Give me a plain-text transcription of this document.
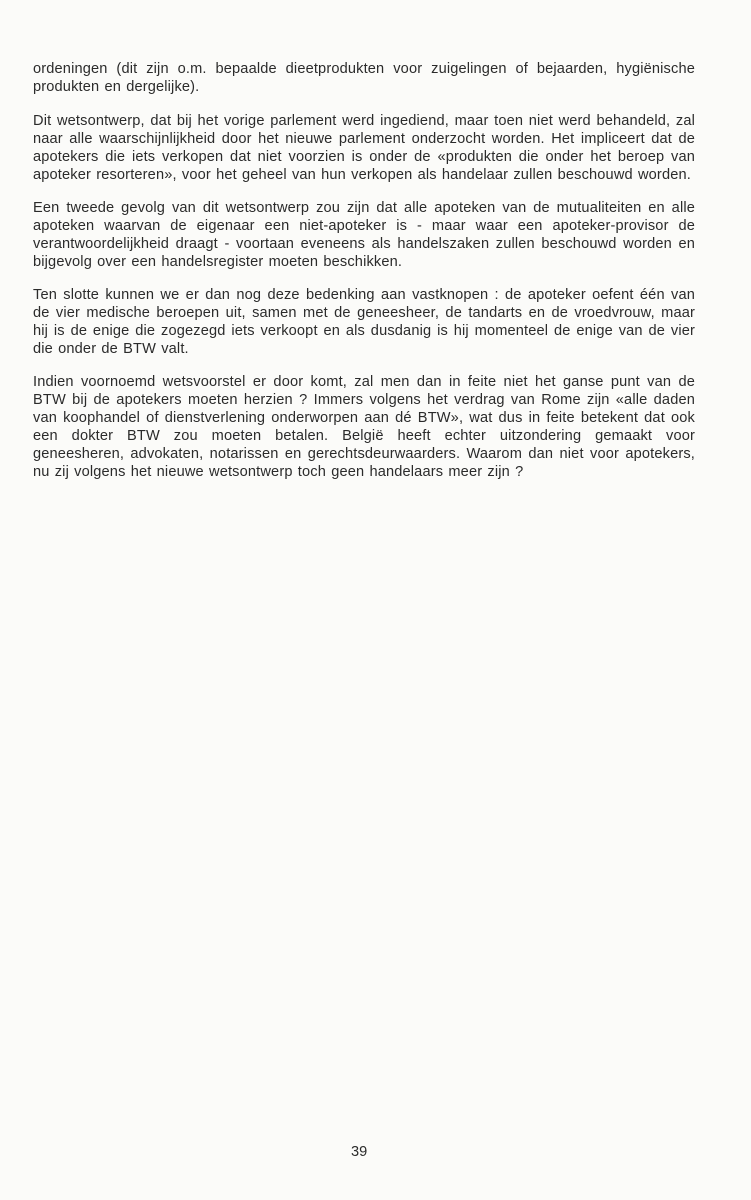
ordeningen (dit zijn o.m. bepaalde dieetprodukten voor zuigelingen of bejaarden, hygiënische produkten en dergelijke).

Dit wetsontwerp, dat bij het vorige parlement werd ingediend, maar toen niet werd behandeld, zal naar alle waarschijnlijkheid door het nieuwe parlement onderzocht worden. Het impliceert dat de apotekers die iets verkopen dat niet voorzien is onder de «produkten die onder het beroep van apoteker resorteren», voor het geheel van hun verkopen als handelaar zullen beschouwd worden.

Een tweede gevolg van dit wetsontwerp zou zijn dat alle apoteken van de mutualiteiten en alle apoteken waarvan de eigenaar een niet-apoteker is - maar waar een apoteker-provisor de verantwoordelijkheid draagt - voortaan eveneens als handelszaken zullen beschouwd worden en bijgevolg over een handelsregister moeten beschikken.

Ten slotte kunnen we er dan nog deze bedenking aan vastknopen : de apoteker oefent één van de vier medische beroepen uit, samen met de geneesheer, de tandarts en de vroedvrouw, maar hij is de enige die zogezegd iets verkoopt en als dusdanig is hij momenteel de enige van de vier die onder de BTW valt.

Indien voornoemd wetsvoorstel er door komt, zal men dan in feite niet het ganse punt van de BTW bij de apotekers moeten herzien ? Immers volgens het verdrag van Rome zijn «alle daden van koophandel of dienstverlening onderworpen aan dé BTW», wat dus in feite betekent dat ook een dokter BTW zou moeten betalen. België heeft echter uitzondering gemaakt voor geneesheren, advokaten, notarissen en gerechtsdeurwaarders. Waarom dan niet voor apotekers, nu zij volgens het nieuwe wetsontwerp toch geen handelaars meer zijn ?

39
